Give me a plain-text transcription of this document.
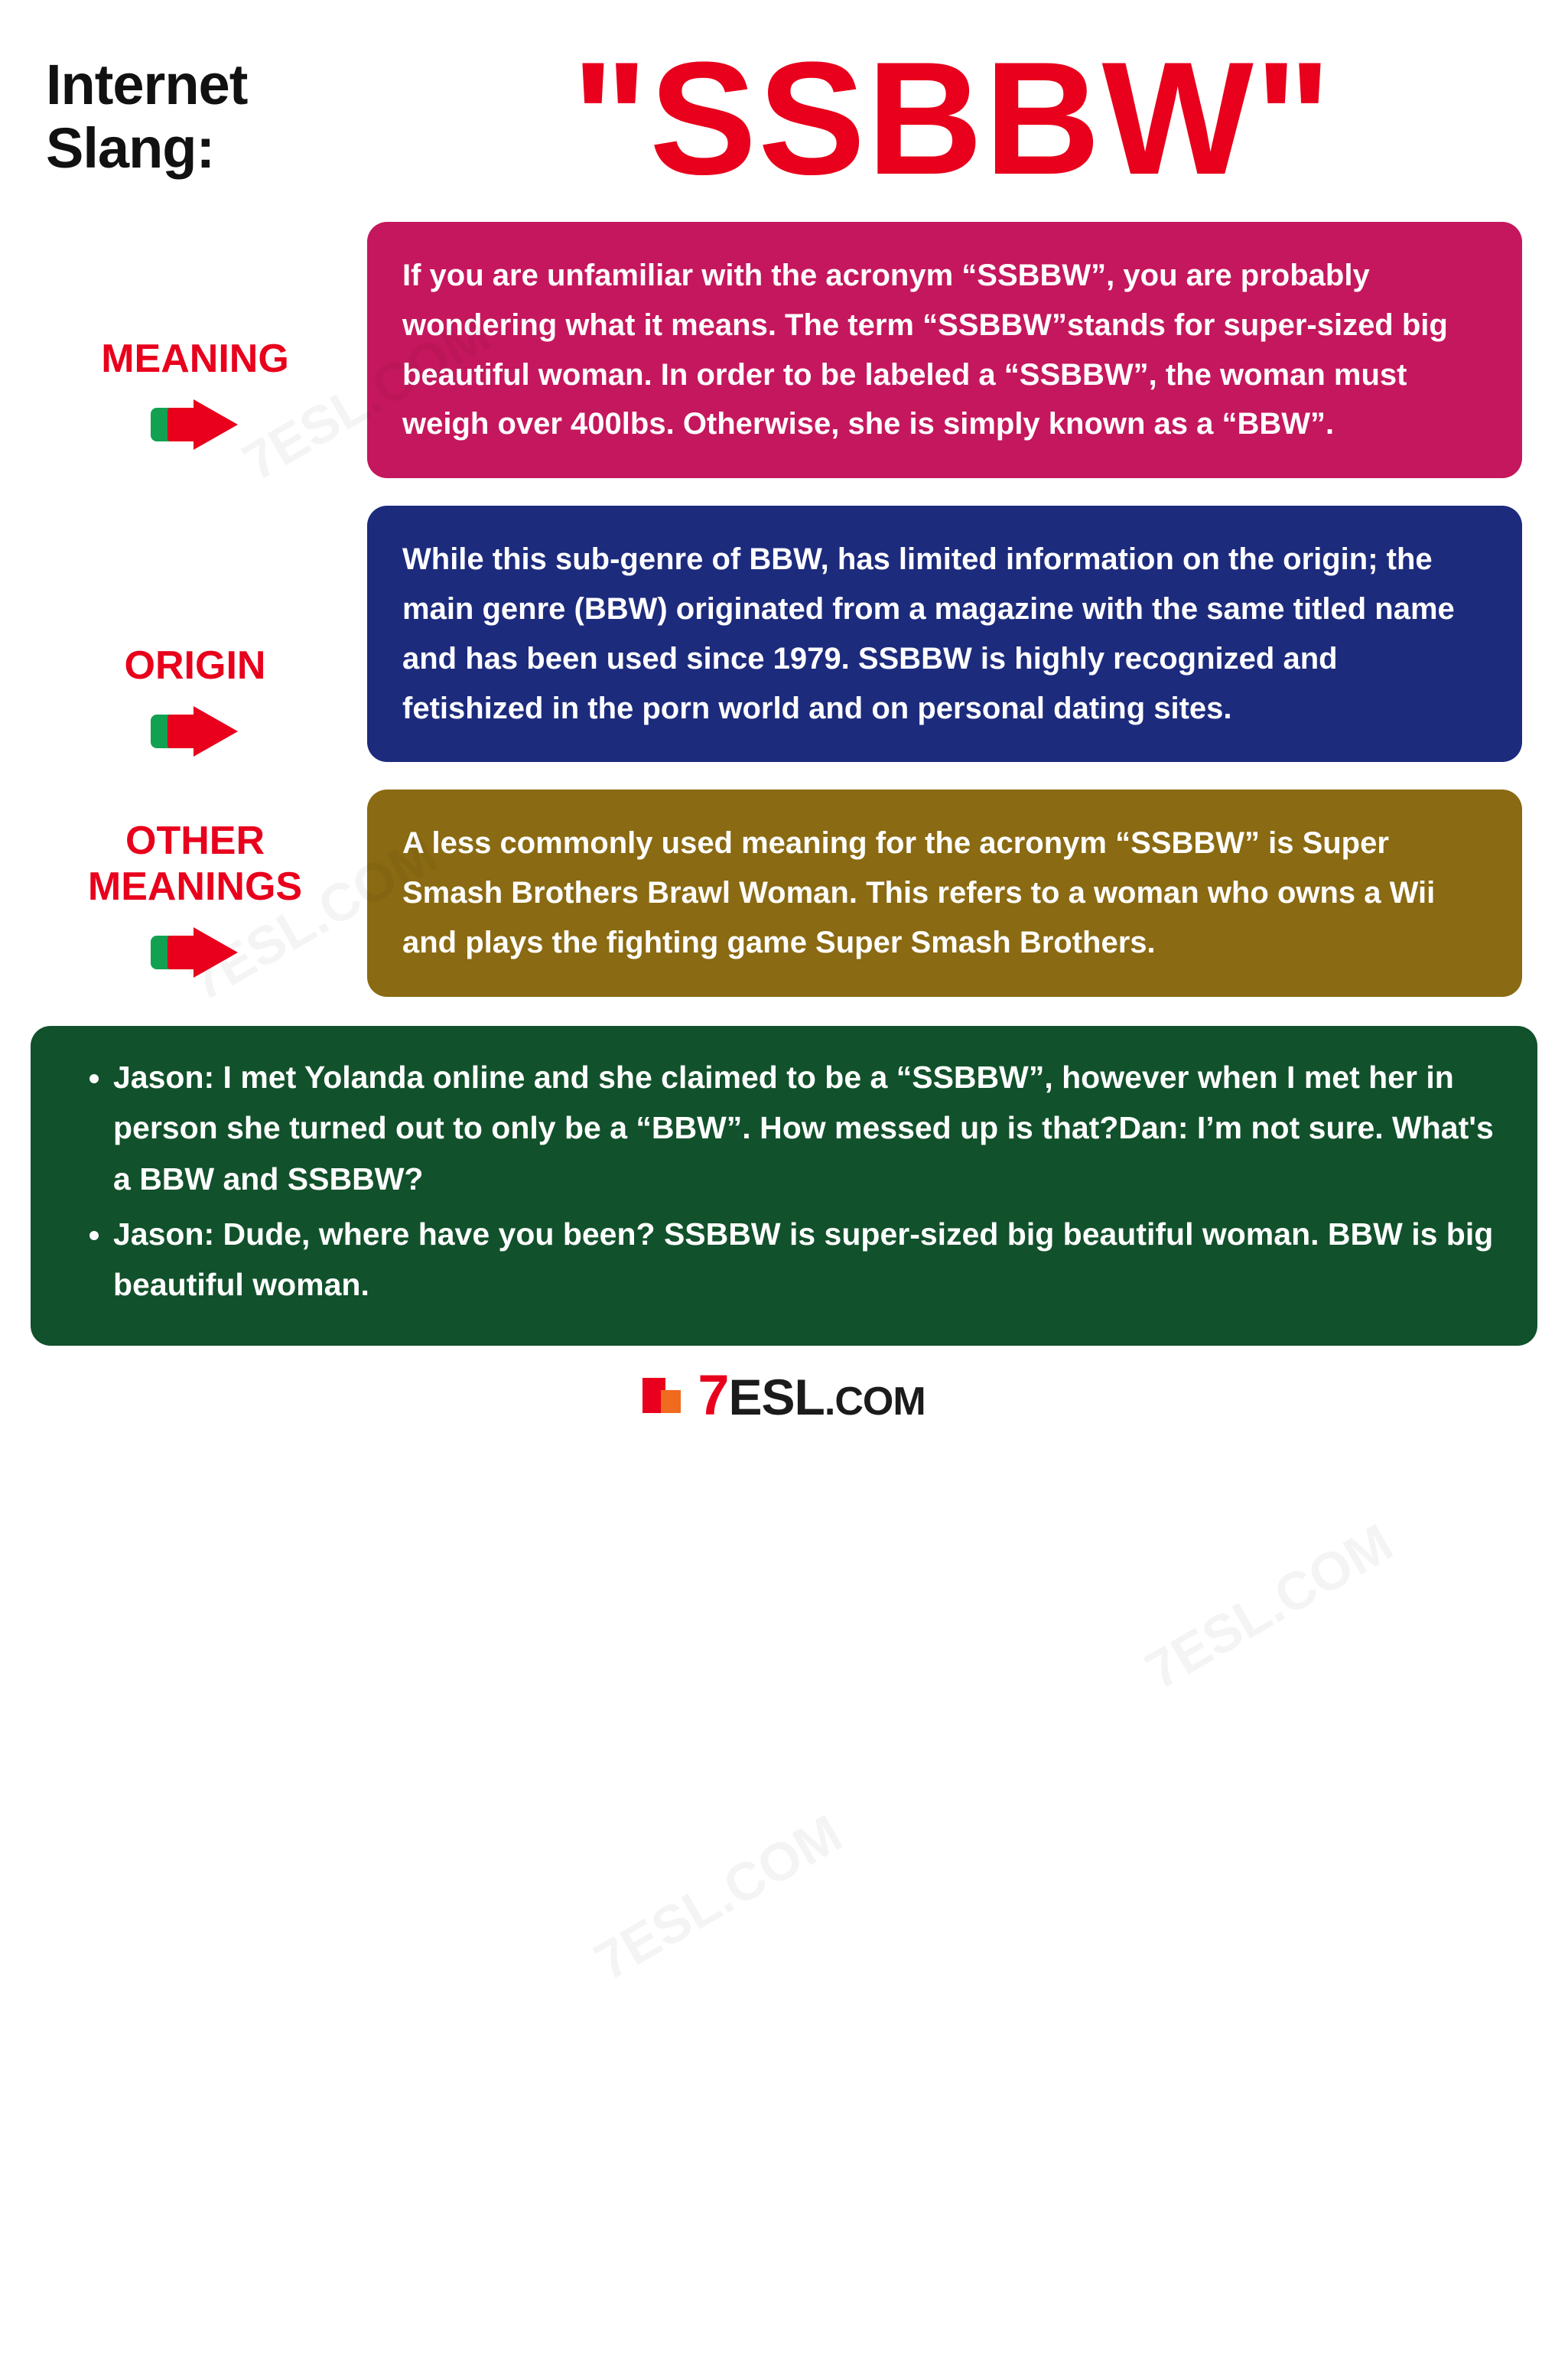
Internet
Slang:	"SSBBW"
MEANING
If you are unfamiliar with the acronym “SSBBW”, you are probably wondering what it means. The term “SSBBW”stands for super-sized big beautiful woman. In order to be labeled a “SSBBW”, the woman must weigh over 400lbs. Otherwise, she is simply known as a “BBW”.
ORIGIN
While this sub-genre of BBW, has limited information on the origin; the main genre (BBW) originated from a magazine with the same titled name and has been used since 1979. SSBBW is highly recognized and fetishized in the porn world and on personal dating sites.
OTHER
MEANINGS
A less commonly used meaning for the acronym “SSBBW” is Super Smash Brothers Brawl Woman. This refers to a woman who owns a Wii and plays the fighting game Super Smash Brothers.
• Jason: I met Yolanda online and she claimed to be a “SSBBW”, however when I met her in person she turned out to only be a “BBW”. How messed up is that?Dan: I’m not sure. What's a BBW and SSBBW?
• Jason: Dude, where have you been? SSBBW is super-sized big beautiful woman. BBW is big beautiful woman.
7ESL.COM
